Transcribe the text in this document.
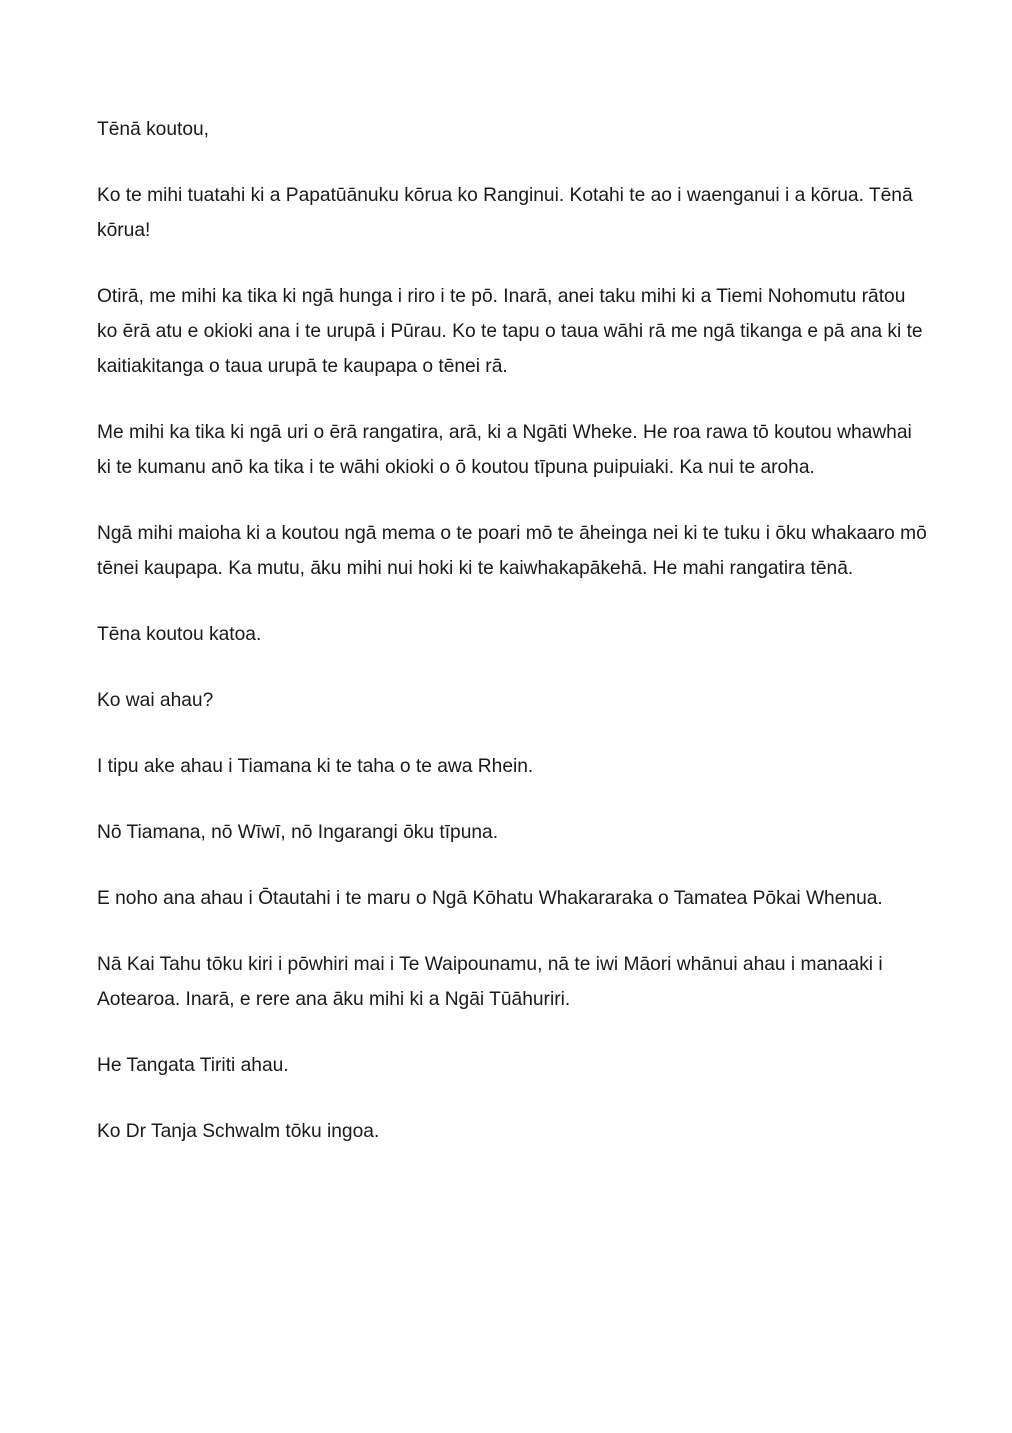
Tēnā koutou,

Ko te mihi tuatahi ki a Papatūānuku kōrua ko Ranginui. Kotahi te ao i waenganui i a kōrua. Tēnā kōrua!

Otirā, me mihi ka tika ki ngā hunga i riro i te pō. Inarā, anei taku mihi ki a Tiemi Nohomutu rātou ko ērā atu e okioki ana i te urupā i Pūrau. Ko te tapu o taua wāhi rā me ngā tikanga e pā ana ki te kaitiakitanga o taua urupā te kaupapa o tēnei rā.

Me mihi ka tika ki ngā uri o ērā rangatira, arā, ki a Ngāti Wheke. He roa rawa tō koutou whawhai ki te kumanu anō ka tika i te wāhi okioki o ō koutou tīpuna puipuiaki. Ka nui te aroha.

Ngā mihi maioha ki a koutou ngā mema o te poari mō te āheinga nei ki te tuku i ōku whakaaro mō tēnei kaupapa. Ka mutu, āku mihi nui hoki ki te kaiwhakapākehā. He mahi rangatira tēnā.

Tēna koutou katoa.

Ko wai ahau?

I tipu ake ahau i Tiamana ki te taha o te awa Rhein.

Nō Tiamana, nō Wīwī, nō Ingarangi ōku tīpuna.

E noho ana ahau i Ōtautahi i te maru o Ngā Kōhatu Whakararaka o Tamatea Pōkai Whenua.

Nā Kai Tahu tōku kiri i pōwhiri mai i Te Waipounamu, nā te iwi Māori whānui ahau i manaaki i Aotearoa. Inarā, e rere ana āku mihi ki a Ngāi Tūāhuriri.

He Tangata Tiriti ahau.

Ko Dr Tanja Schwalm tōku ingoa.
